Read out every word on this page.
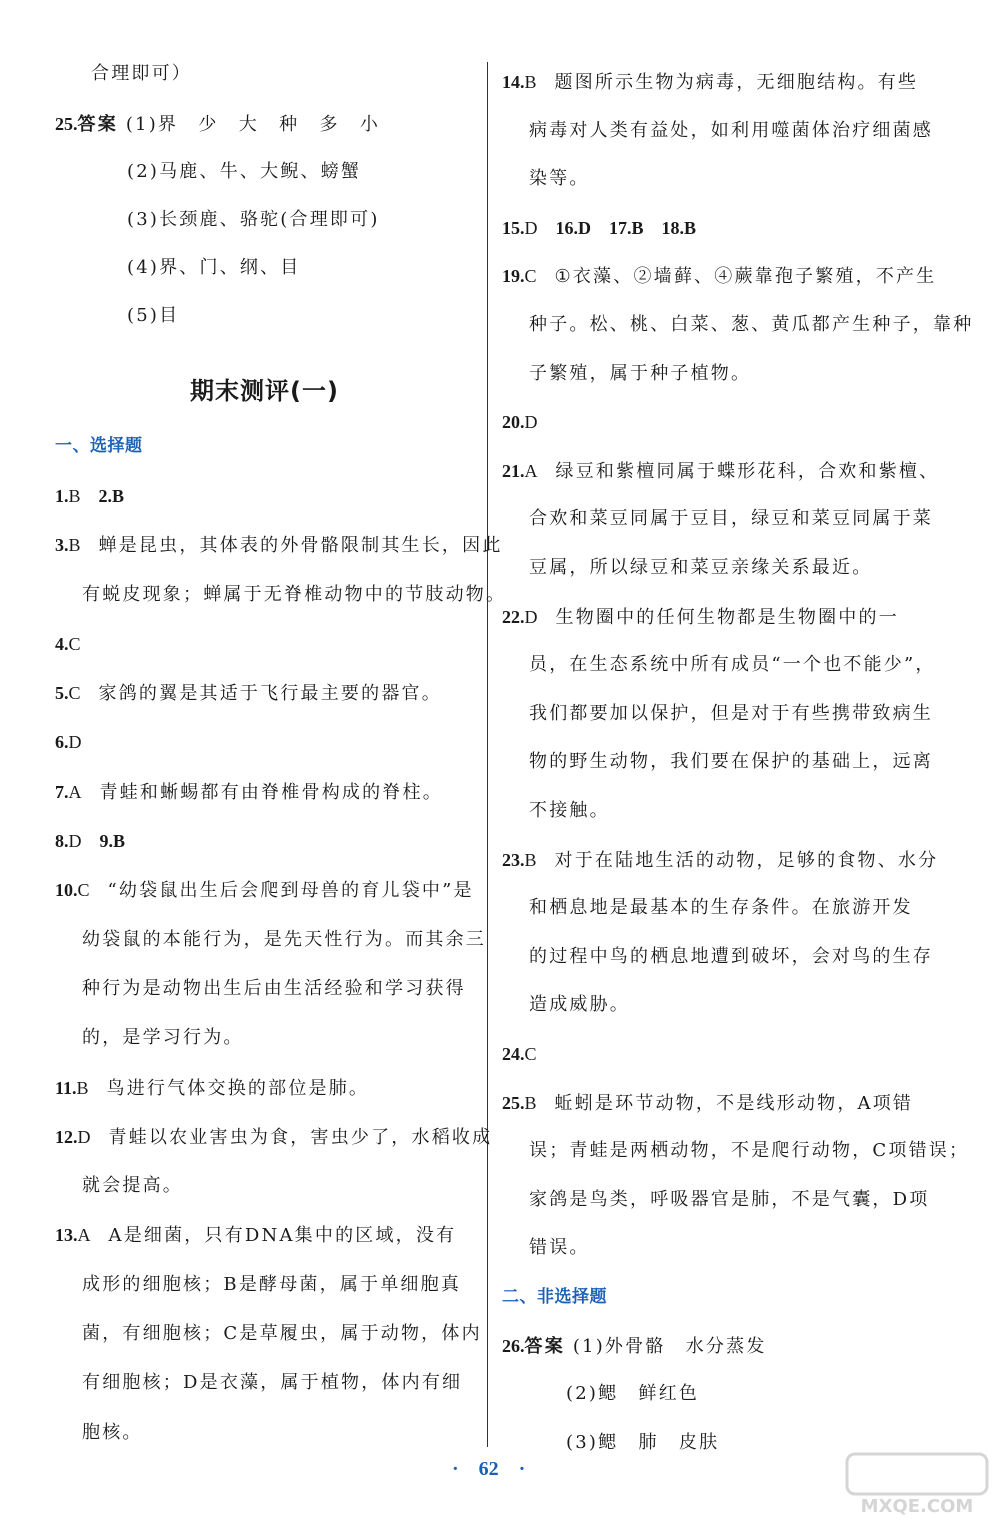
合理即可）
25.答案 (1)界　少　大　种　多　小
(2)马鹿、牛、大鲵、螃蟹
(3)长颈鹿、骆驼(合理即可)
(4)界、门、纲、目
(5)目
一、选择题
1.B　2.B
3.B 蝉是昆虫，其体表的外骨骼限制其生长，因此
有蜕皮现象；蝉属于无脊椎动物中的节肢动物。
4.C
5.C 家鸽的翼是其适于飞行最主要的器官。
6.D
7.A 青蛙和蜥蜴都有由脊椎骨构成的脊柱。
8.D　9.B
10.C “幼袋鼠出生后会爬到母兽的育儿袋中”是
幼袋鼠的本能行为，是先天性行为。而其余三
种行为是动物出生后由生活经验和学习获得
的，是学习行为。
11.B 鸟进行气体交换的部位是肺。
12.D 青蛙以农业害虫为食，害虫少了，水稻收成
就会提高。
13.A A是细菌，只有DNA集中的区域，没有
成形的细胞核；B是酵母菌，属于单细胞真
菌，有细胞核；C是草履虫，属于动物，体内
有细胞核；D是衣藻，属于植物，体内有细
胞核。
期末测评(一)
14.B 题图所示生物为病毒，无细胞结构。有些
病毒对人类有益处，如利用噬菌体治疗细菌感
染等。
15.D　16.D　17.B　18.B
19.C ①衣藻、②墙藓、④蕨靠孢子繁殖，不产生
种子。松、桃、白菜、葱、黄瓜都产生种子，靠种
子繁殖，属于种子植物。
20.D
21.A 绿豆和紫檀同属于蝶形花科，合欢和紫檀、
合欢和菜豆同属于豆目，绿豆和菜豆同属于菜
豆属，所以绿豆和菜豆亲缘关系最近。
22.D 生物圈中的任何生物都是生物圈中的一
员，在生态系统中所有成员“一个也不能少”，
我们都要加以保护，但是对于有些携带致病生
物的野生动物，我们要在保护的基础上，远离
不接触。
23.B 对于在陆地生活的动物，足够的食物、水分
和栖息地是最基本的生存条件。在旅游开发
的过程中鸟的栖息地遭到破坏，会对鸟的生存
造成威胁。
24.C
25.B 蚯蚓是环节动物，不是线形动物，A项错
误；青蛙是两栖动物，不是爬行动物，C项错误；
家鸽是鸟类，呼吸器官是肺，不是气囊，D项
错误。
二、非选择题
26.答案 (1)外骨骼　水分蒸发
(2)鳃　鲜红色
(3)鳃　肺　皮肤
·　62　·
MXQE.COM
